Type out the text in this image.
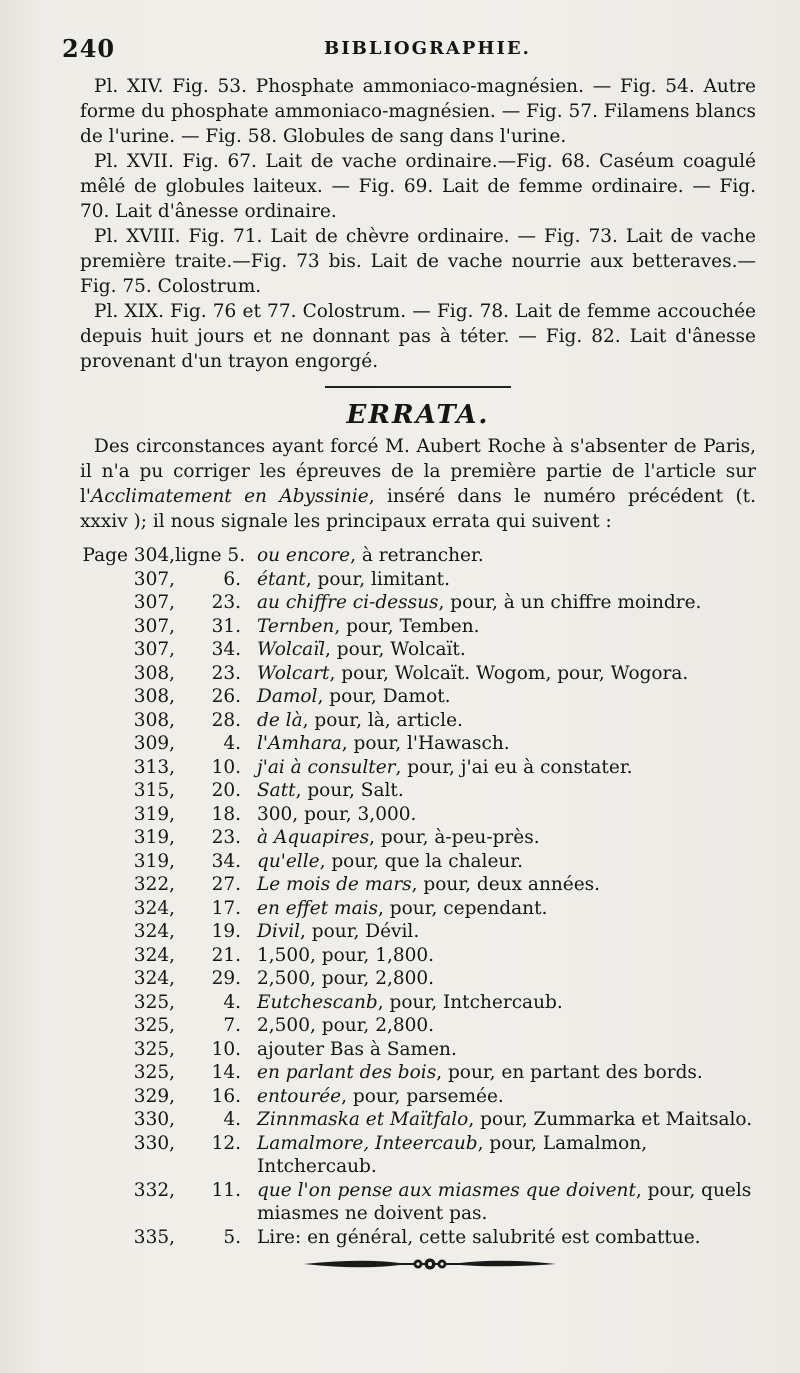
240	BIBLIOGRAPHIE.

Pl. XIV. Fig. 53. Phosphate ammoniaco-magnésien. — Fig. 54. Autre forme du phosphate ammoniaco-magnésien. — Fig. 57. Filamens blancs de l'urine. — Fig. 58. Globules de sang dans l'urine.

Pl. XVII. Fig. 67. Lait de vache ordinaire.—Fig. 68. Caséum coagulé mêlé de globules laiteux. — Fig. 69. Lait de femme ordinaire. — Fig. 70. Lait d'ânesse ordinaire.

Pl. XVIII. Fig. 71. Lait de chèvre ordinaire. — Fig. 73. Lait de vache première traite.—Fig. 73 bis. Lait de vache nourrie aux betteraves.—Fig. 75. Colostrum.

Pl. XIX. Fig. 76 et 77. Colostrum. — Fig. 78. Lait de femme accouchée depuis huit jours et ne donnant pas à téter. — Fig. 82. Lait d'ânesse provenant d'un trayon engorgé.

ERRATA.

Des circonstances ayant forcé M. Aubert Roche à s'absenter de Paris, il n'a pu corriger les épreuves de la première partie de l'article sur l'Acclimatement en Abyssinie, inséré dans le numéro précédent (t. xxxiv ); il nous signale les principaux errata qui suivent :

Page 304, ligne 5. ou encore, à retrancher.
307,	6. étant, pour, limitant.
307,	23. au chiffre ci-dessus, pour, à un chiffre moindre.
307,	31. Ternben, pour, Temben.
307,	34. Wolcaïl, pour, Wolcaït.
308,	23. Wolcart, pour, Wolcaït. Wogom, pour, Wogora.
308,	26. Damol, pour, Damot.
308,	28. de là, pour, là, article.
309,	4. l'Amhara, pour, l'Hawasch.
313,	10. j'ai à consulter, pour, j'ai eu à constater.
315,	20. Satt, pour, Salt.
319,	18. 300, pour, 3,000.
319,	23. à Aquapires, pour, à-peu-près.
319,	34. qu'elle, pour, que la chaleur.
322,	27. Le mois de mars, pour, deux années.
324,	17. en effet mais, pour, cependant.
324,	19. Divil, pour, Dévil.
324,	21. 1,500, pour, 1,800.
324,	29. 2,500, pour, 2,800.
325,	4. Eutchescanb, pour, Intchercaub.
325,	7. 2,500, pour, 2,800.
325,	10. ajouter Bas à Samen.
325,	14. en parlant des bois, pour, en partant des bords.
329,	16. entourée, pour, parsemée.
330,	4. Zinnmaska et Maïtfalo, pour, Zummarka et Maitsalo.
330,	12. Lamalmore, Inteercaub, pour, Lamalmon, Intchercaub.
332,	11. que l'on pense aux miasmes que doivent, pour, quels miasmes ne doivent pas.
335,	5. Lire: en général, cette salubrité est combattue.
